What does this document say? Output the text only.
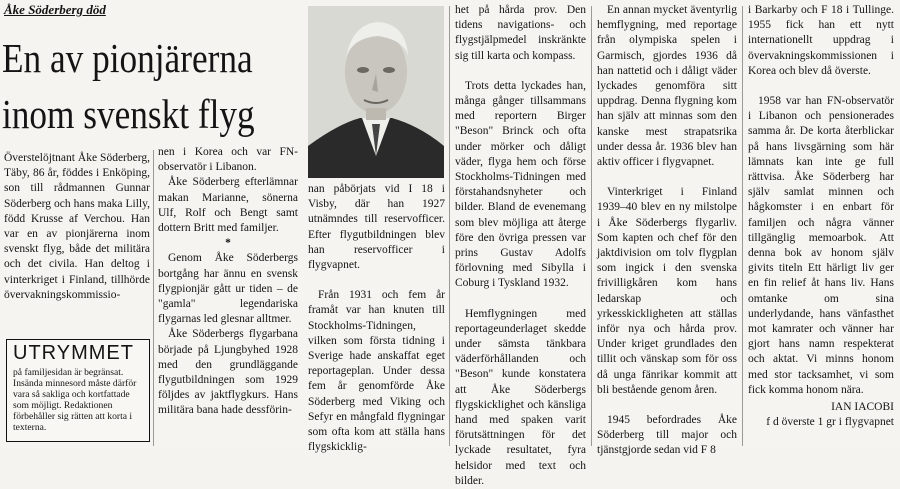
Åke Söderberg död
En av pionjärerna
inom svenskt flyg

Överstelöjtnant Åke Söderberg, Täby, 86 år, föddes i Enköping, son till rådmannen Gunnar Söderberg och hans maka Lilly, född Krusse af Verchou. Han var en av pionjärerna inom svenskt flyg, både det militära och det civila. Han deltog i vinterkriget i Finland, tillhörde övervakningskommissio-

UTRYMMET
på familjesidan är begränsat. Insända minnesord måste därför vara så sakliga och kortfattade som möjligt. Redaktionen förbehåller sig rätten att korta i texterna.

nen i Korea och var FN-observatör i Libanon.

Åke Söderberg efterlämnar makan Marianne, sönerna Ulf, Rolf och Bengt samt dottern Britt med familjer.

*

Genom Åke Söderbergs bortgång har ännu en svensk flygpionjär gått ur tiden – de "gamla" legendariska flygarnas led glesnar alltmer.

Åke Söderbergs flygarbana började på Ljungbyhed 1928 med den grundläggande flygutbildningen som 1929 följdes av jaktflygkurs. Hans militära bana hade dessförin-

nan påbörjats vid I 18 i Visby, där han 1927 utnämndes till reservofficer. Efter flygutbildningen blev han reservofficer i flygvapnet.

Från 1931 och fem år framåt var han knuten till Stockholms-Tidningen, vilken som första tidning i Sverige hade anskaffat eget reportageplan. Under dessa fem år genomförde Åke Söderberg med Viking och Sefyr en mångfald flygningar som ofta kom att ställa hans flygskicklig-

het på hårda prov. Den tidens navigations- och flygstjälpmedel inskränkte sig till karta och kompass.

Trots detta lyckades han, många gånger tillsammans med reportern Birger "Beson" Brinck och ofta under mörker och dåligt väder, flyga hem och förse Stockholms-Tidningen med förstahandsnyheter och bilder. Bland de evenemang som blev möjliga att återge före den övriga pressen var prins Gustav Adolfs förlovning med Sibylla i Coburg i Tyskland 1932.

Hemflygningen med reportageunderlaget skedde under sämsta tänkbara väderförhållanden och "Beson" kunde konstatera att Åke Söderbergs flygskicklighet och känsliga hand med spaken varit förutsättningen för det lyckade resultatet, fyra helsidor med text och bilder.

En annan mycket äventyrlig hemflygning, med reportage från olympiska spelen i Garmisch, gjordes 1936 då han nattetid och i dåligt väder lyckades genomföra sitt uppdrag. Denna flygning kom han själv att minnas som den kanske mest strapatsrika under dessa år. 1936 blev han aktiv officer i flygvapnet.

Vinterkriget i Finland 1939–40 blev en ny milstolpe i Åke Söderbergs flygarliv. Som kapten och chef för den jaktdivision om tolv flygplan som ingick i den svenska frivilligkåren kom hans ledarskap och yrkesskickligheten att ställas inför nya och hårda prov. Under kriget grundlades den tillit och vänskap som för oss då unga fänrikar kommit att bli bestående genom åren.

1945 befordrades Åke Söderberg till major och tjänstgjorde sedan vid F 8

i Barkarby och F 18 i Tullinge. 1955 fick han ett nytt internationellt uppdrag i övervakningskommissionen i Korea och blev då överste.

1958 var han FN-observatör i Libanon och pensionerades samma år. De korta återblickar på hans livsgärning som här lämnats kan inte ge full rättvisa. Åke Söderberg har själv samlat minnen och hågkomster i en enbart för familjen och några vänner tillgänglig memoarbok. Att denna bok av honom själv givits titeln Ett härligt liv ger en fin relief åt hans liv. Hans omtanke om sina underlydande, hans vänfasthet mot kamrater och vänner har gjort hans namn respekterat och aktat. Vi minns honom med stor tacksamhet, vi som fick komma honom nära.

IAN IACOBI

f d överste 1 gr i flygvapnet
